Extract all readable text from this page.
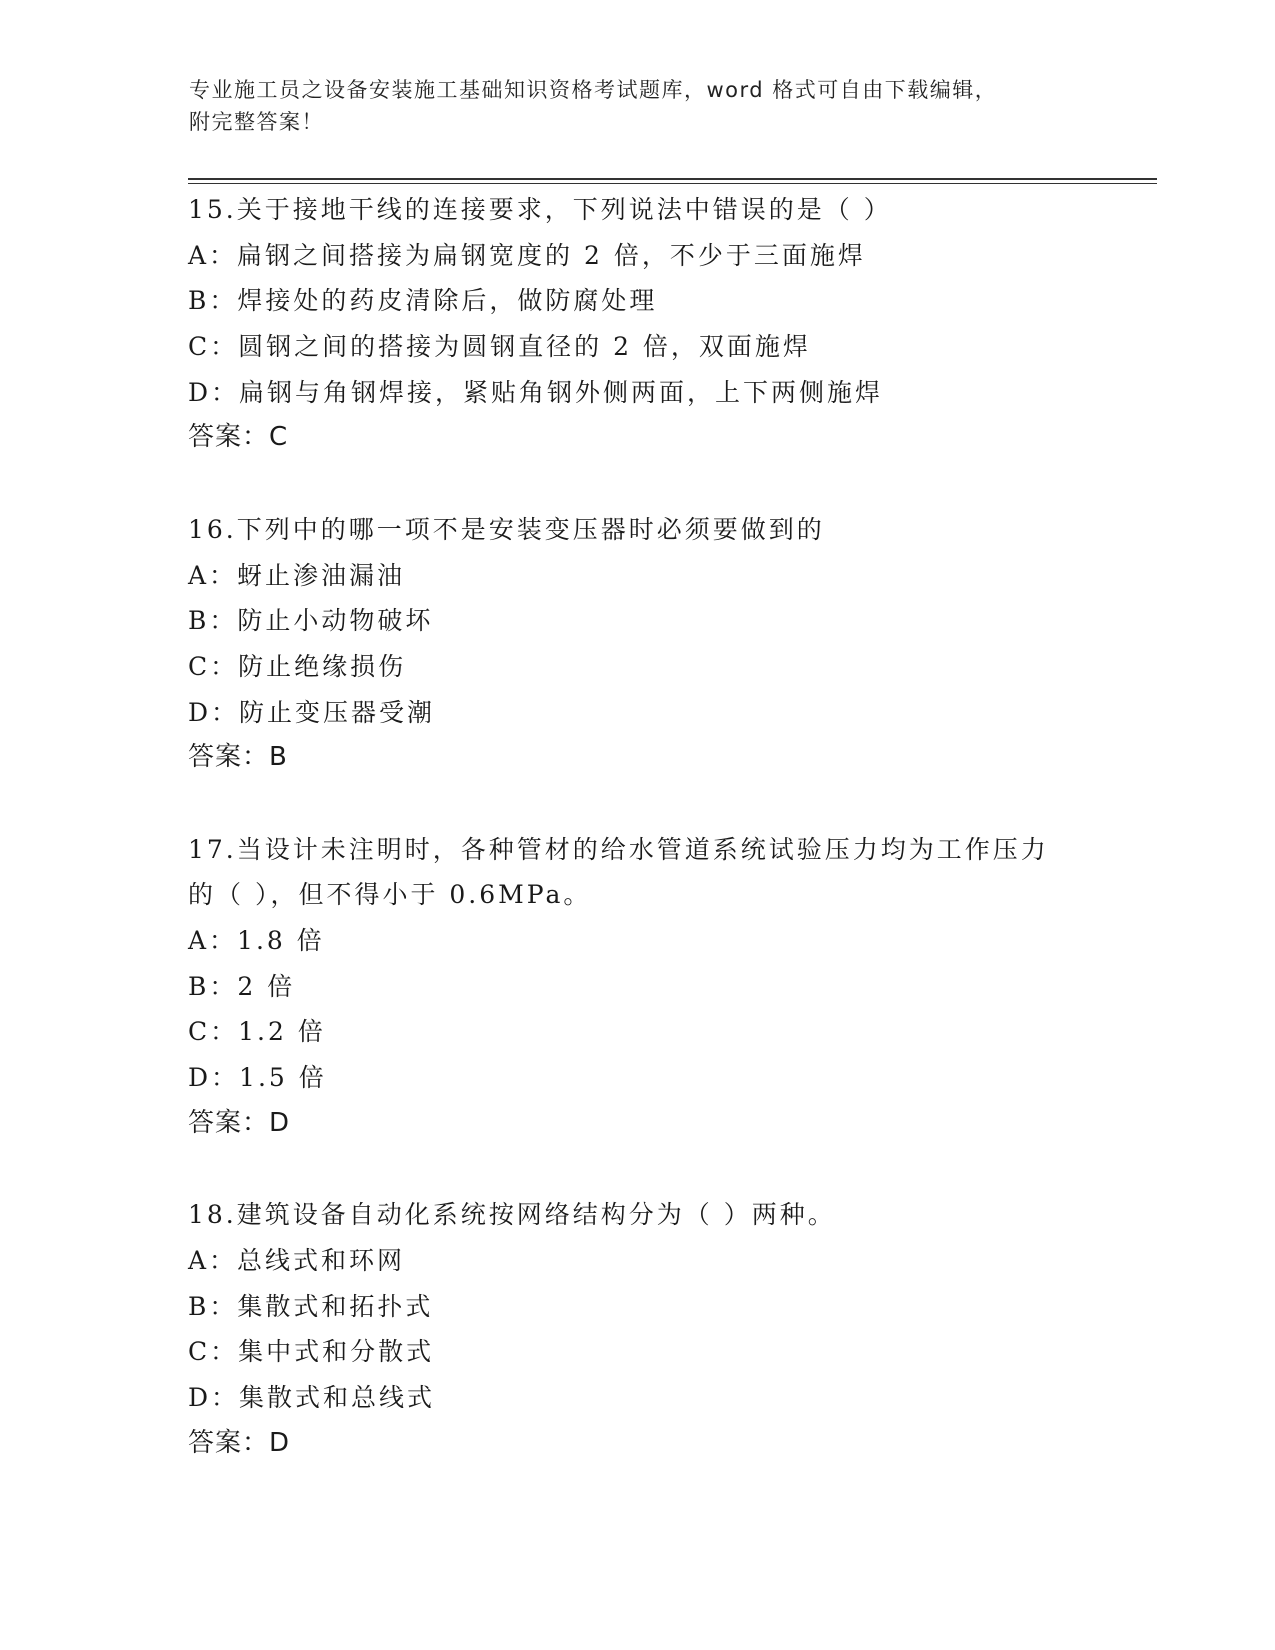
专业施工员之设备安装施工基础知识资格考试题库，word 格式可自由下载编辑，
附完整答案！
15.关于接地干线的连接要求，下列说法中错误的是（ ）
A：扁钢之间搭接为扁钢宽度的 2 倍，不少于三面施焊
B：焊接处的药皮清除后，做防腐处理
C：圆钢之间的搭接为圆钢直径的 2 倍，双面施焊
D：扁钢与角钢焊接，紧贴角钢外侧两面，上下两侧施焊
答案：C
16.下列中的哪一项不是安装变压器时必须要做到的
A：蚜止渗油漏油
B：防止小动物破坏
C：防止绝缘损伤
D：防止变压器受潮
答案：B
17.当设计未注明时，各种管材的给水管道系统试验压力均为工作压力
的（ ），但不得小于 0.6MPa。
A：1.8 倍
B：2 倍
C：1.2 倍
D：1.5 倍
答案：D
18.建筑设备自动化系统按网络结构分为（ ）两种。
A：总线式和环网
B：集散式和拓扑式
C：集中式和分散式
D：集散式和总线式
答案：D
